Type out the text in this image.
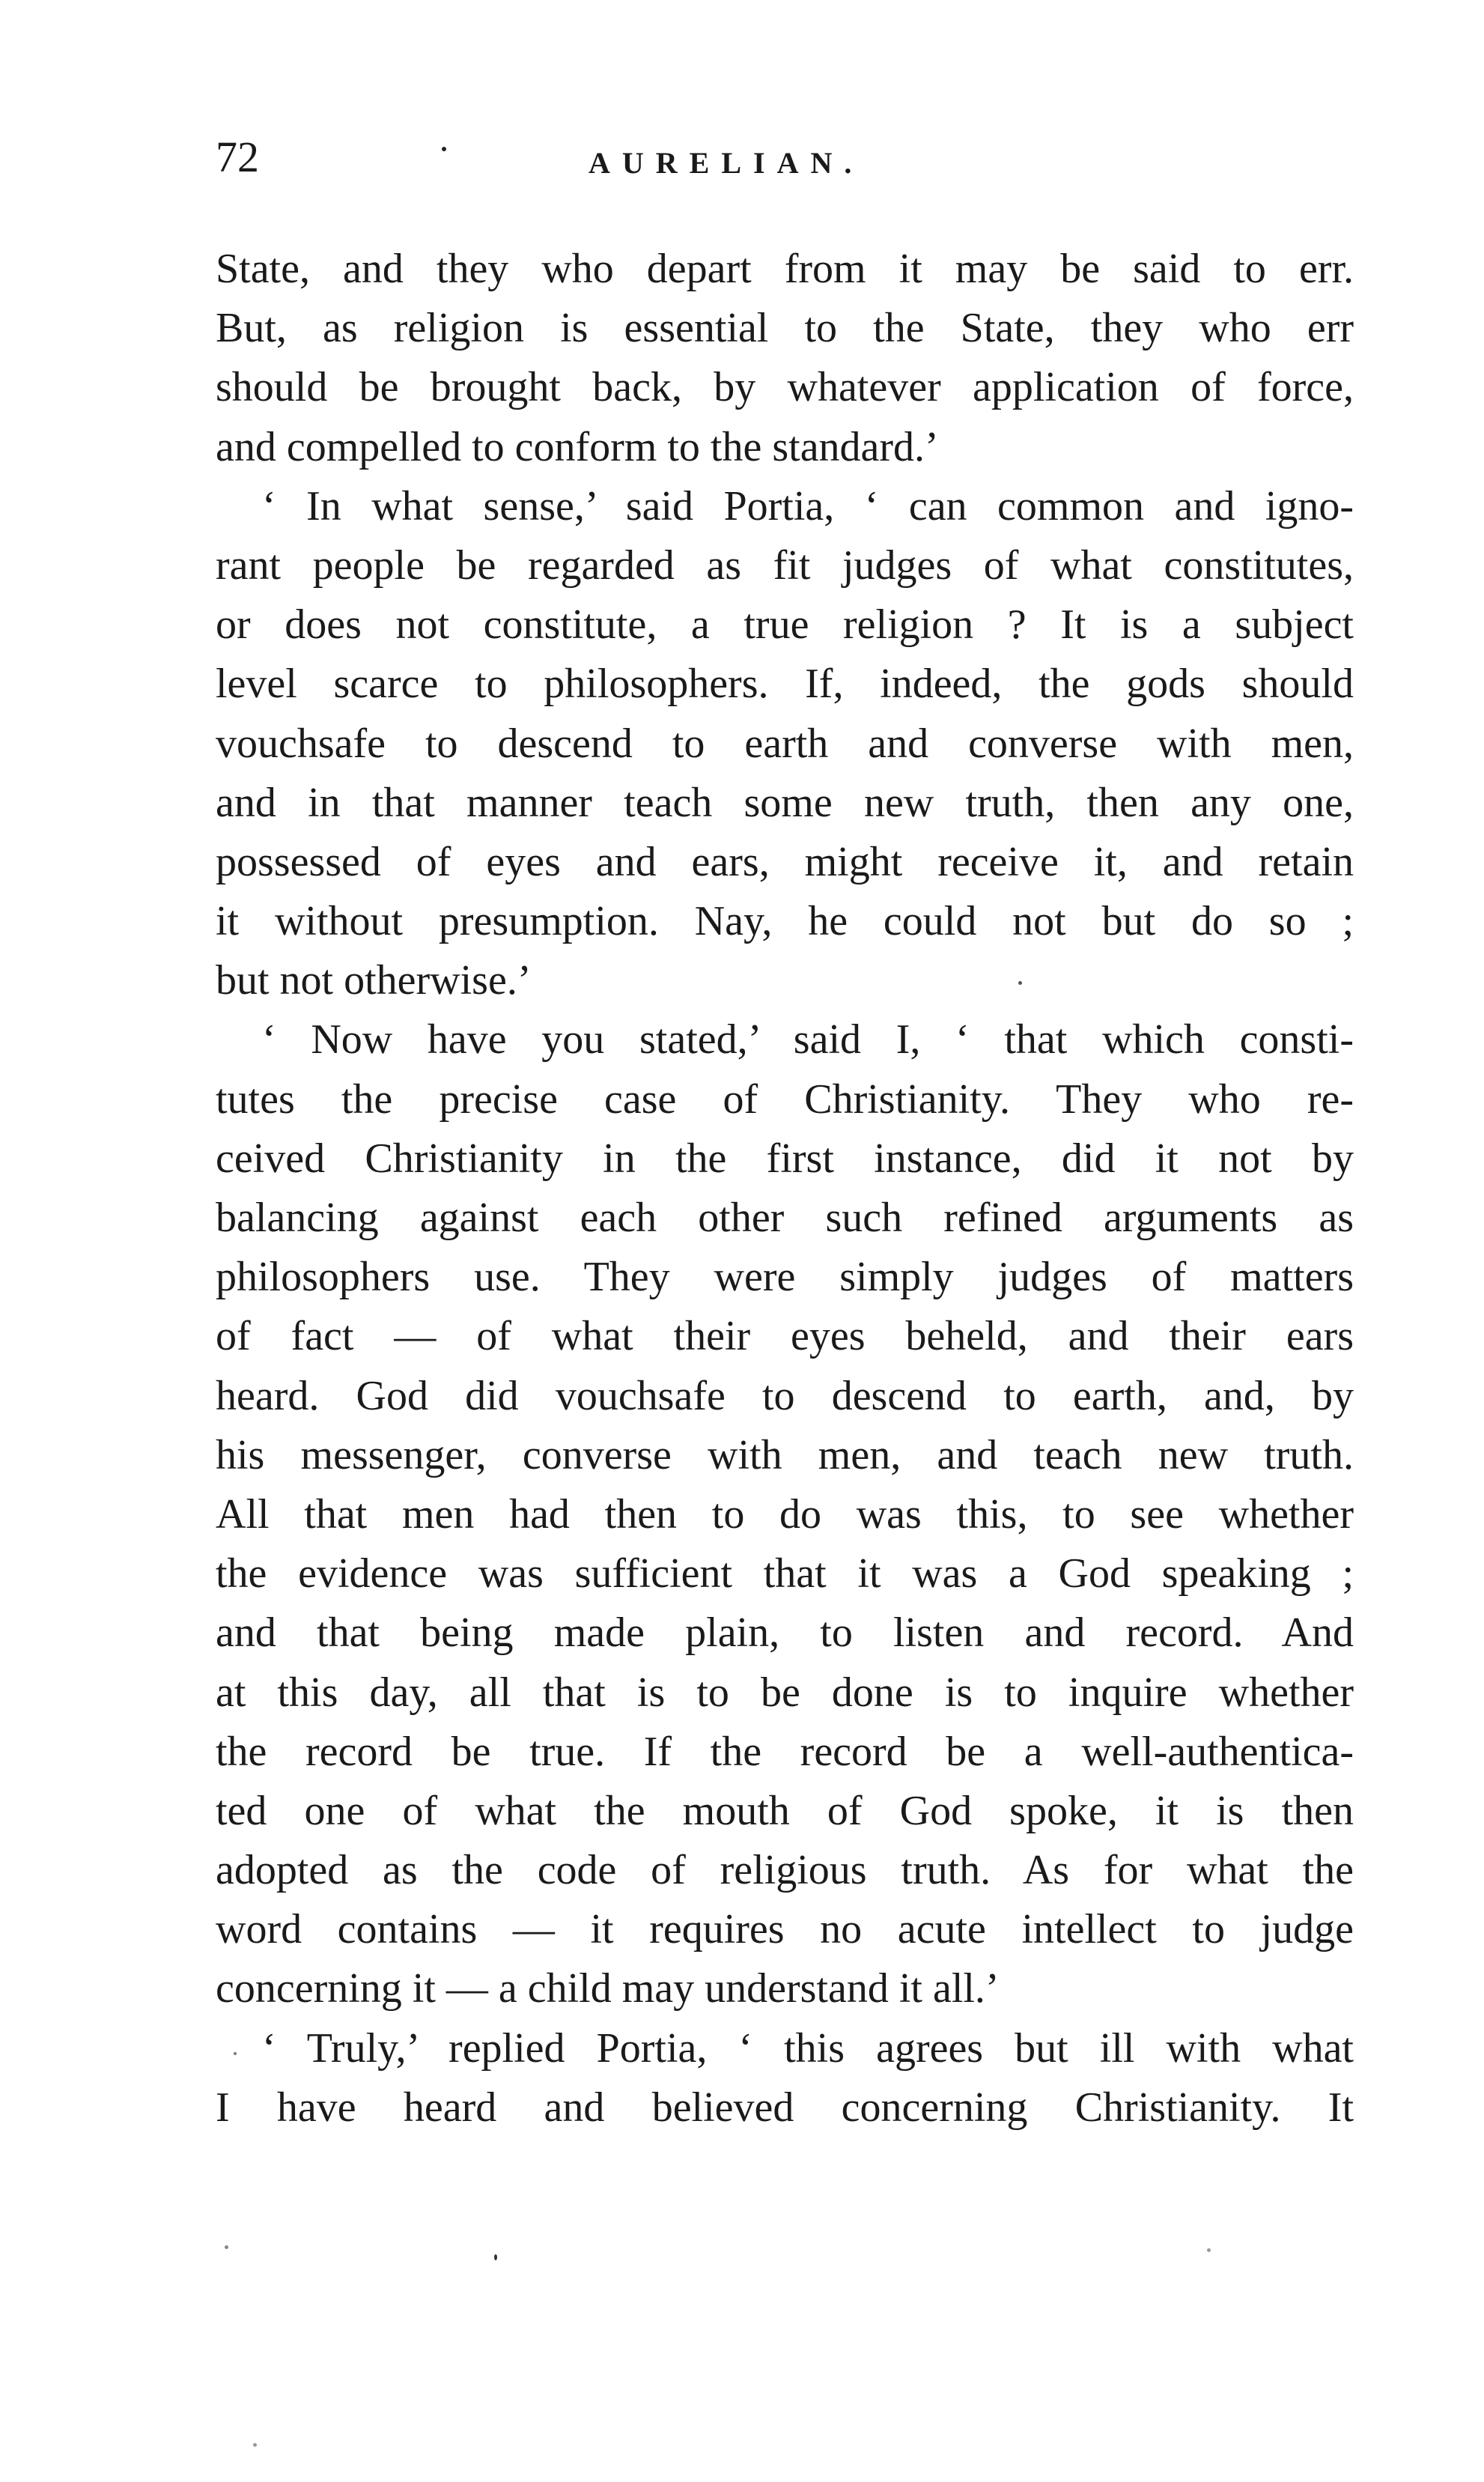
72	AURELIAN.

State, and they who depart from it may be said to err.
But, as religion is essential to the State, they who err
should be brought back, by whatever application of force,
and compelled to conform to the standard.’

‘ In what sense,’ said Portia, ‘ can common and igno-
rant people be regarded as fit judges of what constitutes,
or does not constitute, a true religion ? It is a subject
level scarce to philosophers. If, indeed, the gods should
vouchsafe to descend to earth and converse with men,
and in that manner teach some new truth, then any one,
possessed of eyes and ears, might receive it, and retain
it without presumption. Nay, he could not but do so ;
but not otherwise.’

‘ Now have you stated,’ said I, ‘ that which consti-
tutes the precise case of Christianity. They who re-
ceived Christianity in the first instance, did it not by
balancing against each other such refined arguments as
philosophers use. They were simply judges of matters
of fact — of what their eyes beheld, and their ears
heard. God did vouchsafe to descend to earth, and, by
his messenger, converse with men, and teach new truth.
All that men had then to do was this, to see whether
the evidence was sufficient that it was a God speaking ;
and that being made plain, to listen and record. And
at this day, all that is to be done is to inquire whether
the record be true. If the record be a well-authentica-
ted one of what the mouth of God spoke, it is then
adopted as the code of religious truth. As for what the
word contains — it requires no acute intellect to judge
concerning it — a child may understand it all.’

‘ Truly,’ replied Portia, ‘ this agrees but ill with what
I have heard and believed concerning Christianity. It
